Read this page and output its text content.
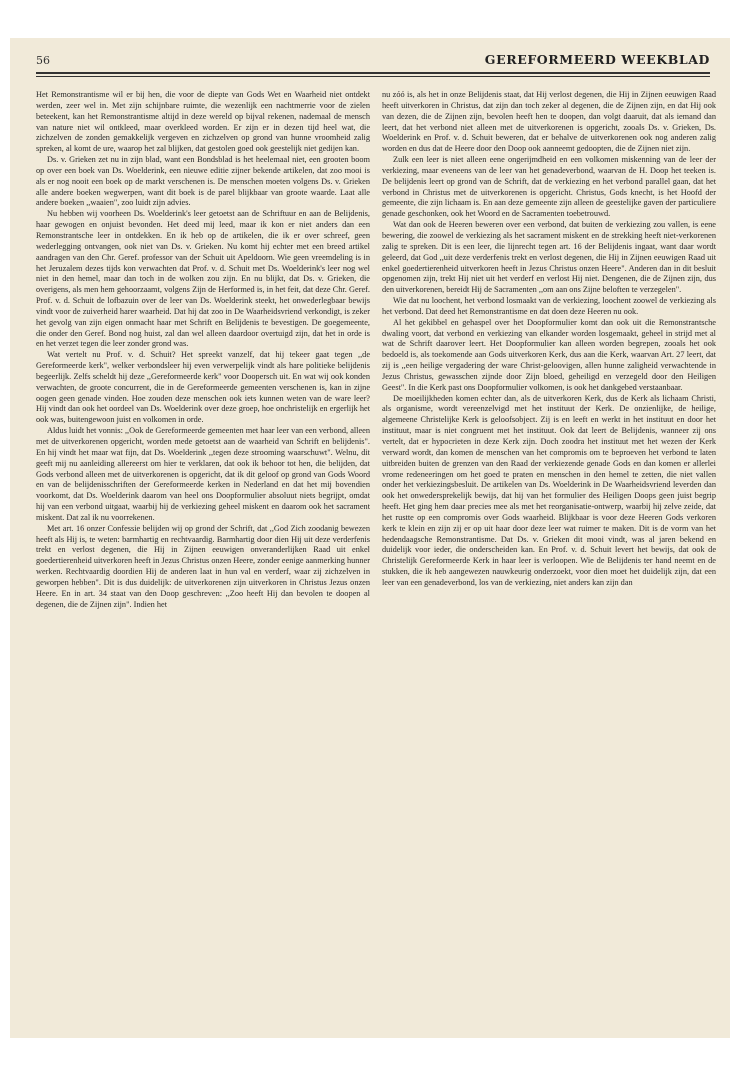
56	GEREFORMEERD WEEKBLAD

Het Remonstrantisme wil er bij hen, die voor de diepte van Gods Wet en Waarheid niet ontdekt werden, zeer wel in. Met zijn schijnbare ruimte, die wezenlijk een nachtmerrie voor de zielen beteekent, kan het Remonstrantisme altijd in deze wereld op bijval rekenen, nademaal de mensch van nature niet wil ontkleed, maar overkleed worden. Er zijn er in dezen tijd heel wat, die zichzelven de zonden gemakkelijk vergeven en zichzelven op grond van hunne vroomheid zalig spreken, al komt de ure, waarop het zal blijken, dat gestolen goed ook geestelijk niet gedijen kan.

Ds. v. Grieken zet nu in zijn blad, want een Bondsblad is het heelemaal niet, een grooten boom op over een boek van Ds. Woelderink, een nieuwe editie zijner bekende artikelen, dat zoo mooi is als er nog nooit een boek op de markt verschenen is. De menschen moeten volgens Ds. v. Grieken alle andere boeken wegwerpen, want dit boek is de parel blijkbaar van groote waarde. Laat alle andere boeken ,,waaien", zoo luidt zijn advies.

Nu hebben wij voorheen Ds. Woelderink's leer getoetst aan de Schriftuur en aan de Belijdenis, haar gewogen en onjuist bevonden. Het deed mij leed, maar ik kon er niet anders dan een Remonstrantsche leer in ontdekken. En ik heb op de artikelen, die ik er over schreef, geen wederlegging ontvangen, ook niet van Ds. v. Grieken. Nu komt hij echter met een breed artikel aandragen van den Chr. Geref. professor van der Schuit uit Apeldoorn. Wie geen vreemdeling is in het Jeruzalem dezes tijds kon verwachten dat Prof. v. d. Schuit met Ds. Woelderink's leer nog wel niet in den hemel, maar dan toch in de wolken zou zijn. En nu blijkt, dat Ds. v. Grieken, die overigens, als men hem gehoorzaamt, volgens Zijn de Herformed is, in het feit, dat deze Chr. Geref. Prof. v. d. Schuit de lofbazuin over de leer van Ds. Woelderink steekt, het onwederlegbaar bewijs vindt voor de zuiverheid harer waarheid. Dat hij dat zoo in De Waarheidsvriend verkondigt, is zeker het gevolg van zijn eigen onmacht haar met Schrift en Belijdenis te bevestigen. De goegemeente, die onder den Geref. Bond nog huist, zal dan wel alleen daardoor overtuigd zijn, dat het in orde is en het verzet tegen die leer zonder grond was.

Wat vertelt nu Prof. v. d. Schuit? Het spreekt vanzelf, dat hij tekeer gaat tegen ,,de Gereformeerde kerk", welker verbondsleer hij even verwerpelijk vindt als hare politieke belijdenis begeerlijk. Zelfs scheldt hij deze ,,Gereformeerde kerk" voor Doopersch uit. En wat wij ook konden verwachten, de groote concurrent, die in de Gereformeerde gemeenten verschenen is, kan in zijne oogen geen genade vinden. Hoe zouden deze menschen ook iets kunnen weten van de ware leer? Hij vindt dan ook het oordeel van Ds. Woelderink over deze groep, hoe onchristelijk en ergerlijk het ook was, buitengewoon juist en volkomen in orde.

Aldus luidt het vonnis: ,,Ook de Gereformeerde gemeenten met haar leer van een verbond, alleen met de uitverkorenen opgericht, worden mede getoetst aan de waarheid van Schrift en belijdenis". En hij vindt het maar wat fijn, dat Ds. Woelderink ,,tegen deze strooming waarschuwt". Welnu, dit geeft mij nu aanleiding allereerst om hier te verklaren, dat ook ik behoor tot hen, die belijden, dat Gods verbond alleen met de uitverkorenen is opgericht, dat ik dit geloof op grond van Gods Woord en van de belijdenisschriften der Gereformeerde kerken in Nederland en dat het mij bovendien voorkomt, dat Ds. Woelderink daarom van heel ons Doopformulier absoluut niets begrijpt, omdat hij van een verbond uitgaat, waarbij hij de verkiezing geheel miskent en daarom ook het sacrament miskent. Dat zal ik nu voorrekenen.

Met art. 16 onzer Confessie belijden wij op grond der Schrift, dat ,,God Zich zoodanig bewezen heeft als Hij is, te weten: barmhartig en rechtvaardig. Barmhartig door dien Hij uit deze verderfenis trekt en verlost degenen, die Hij in Zijnen eeuwigen onveranderlijken Raad uit enkel goedertierenheid uitverkoren heeft in Jezus Christus onzen Heere, zonder eenige aanmerking hunner werken. Rechtvaardig doordien Hij de anderen laat in hun val en verderf, waar zij zichzelven in geworpen hebben". Dit is dus duidelijk: de uitverkorenen zijn uitverkoren in Christus Jezus onzen Heere. En in art. 34 staat van den Doop geschreven: ,,Zoo heeft Hij dan bevolen te doopen al degenen, die de Zijnen zijn". Indien het

nu zóó is, als het in onze Belijdenis staat, dat Hij verlost degenen, die Hij in Zijnen eeuwigen Raad heeft uitverkoren in Christus, dat zijn dan toch zeker al degenen, die de Zijnen zijn, en dat Hij ook van dezen, die de Zijnen zijn, bevolen heeft hen te doopen, dan volgt daaruit, dat als iemand dan leert, dat het verbond niet alleen met de uitverkorenen is opgericht, zooals Ds. v. Grieken, Ds. Woelderink en Prof. v. d. Schuit beweren, dat er behalve de uitverkorenen ook nog anderen zalig worden en dus dat de Heere door den Doop ook aanneemt gedoopten, die de Zijnen niet zijn.

Zulk een leer is niet alleen eene ongerijmdheid en een volkomen miskenning van de leer der verkiezing, maar eveneens van de leer van het genadeverbond, waarvan de H. Doop het teeken is. De belijdenis leert op grond van de Schrift, dat de verkiezing en het verbond parallel gaan, dat het verbond in Christus met de uitverkorenen is opgericht. Christus, Gods knecht, is het Hoofd der gemeente, die zijn lichaam is. En aan deze gemeente zijn alleen de geestelijke gaven der particuliere genade geschonken, ook het Woord en de Sacramenten toebetrouwd.

Wat dan ook de Heeren beweren over een verbond, dat buiten de verkiezing zou vallen, is eene bewering, die zoowel de verkiezing als het sacrament miskent en de strekking heeft niet-verkorenen zalig te spreken. Dit is een leer, die lijnrecht tegen art. 16 der Belijdenis ingaat, want daar wordt geleerd, dat God ,,uit deze verderfenis trekt en verlost degenen, die Hij in Zijnen eeuwigen Raad uit enkel goedertierenheid uitverkoren heeft in Jezus Christus onzen Heere". Anderen dan in dit besluit opgenomen zijn, trekt Hij niet uit het verderf en verlost Hij niet. Dengenen, die de Zijnen zijn, dus den uitverkorenen, bereidt Hij de Sacramenten ,,om aan ons Zijne beloften te verzegelen".

Wie dat nu loochent, het verbond losmaakt van de verkiezing, loochent zoowel de verkiezing als het verbond. Dat deed het Remonstrantisme en dat doen deze Heeren nu ook.

Al het gekibbel en gehaspel over het Doopformulier komt dan ook uit die Remonstrantsche dwaling voort, dat verbond en verkiezing van elkander worden losgemaakt, geheel in strijd met al wat de Schrift daarover leert. Het Doopformulier kan alleen worden begrepen, zooals het ook bedoeld is, als toekomende aan Gods uitverkoren Kerk, dus aan die Kerk, waarvan Art. 27 leert, dat zij is ,,een heilige vergadering der ware Christ-geloovigen, allen hunne zaligheid verwachtende in Jezus Christus, gewasschen zijnde door Zijn bloed, geheiligd en verzegeld door den Heiligen Geest". In die Kerk past ons Doopformulier volkomen, is ook het dankgebed verstaanbaar.

De moeilijkheden komen echter dan, als de uitverkoren Kerk, dus de Kerk als lichaam Christi, als organisme, wordt vereenzelvigd met het instituut der Kerk. De onzienlijke, de heilige, algemeene Christelijke Kerk is geloofsobject. Zij is en leeft en werkt in het instituut en door het instituut, maar is niet congruent met het instituut. Ook dat leert de Belijdenis, wanneer zij ons vertelt, dat er hypocrieten in deze Kerk zijn. Doch zoodra het instituut met het wezen der Kerk verward wordt, dan komen de menschen van het compromis om te beproeven het verbond te laten uitbreiden buiten de grenzen van den Raad der verkiezende genade Gods en dan komen er allerlei vrome redeneeringen om het goed te praten en menschen in den hemel te zetten, die niet vallen onder het verkiezingsbesluit. De artikelen van Ds. Woelderink in De Waarheidsvriend leverden dan ook het onwedersprekelijk bewijs, dat hij van het formulier des Heiligen Doops geen juist begrip heeft. Het ging hem daar precies mee als met het reorganisatie-ontwerp, waarbij hij zelve zeide, dat het rustte op een compromis over Gods waarheid. Blijkbaar is voor deze Heeren Gods verkoren kerk te klein en zijn zij er op uit haar door deze leer wat ruimer te maken. Dit is de vorm van het hedendaagsche Remonstrantisme. Dat Ds. v. Grieken dit mooi vindt, was al jaren bekend en duidelijk voor ieder, die onderscheiden kan. En Prof. v. d. Schuit levert het bewijs, dat ook de Christelijk Gereformeerde Kerk in haar leer is verloopen. Wie de Belijdenis ter hand neemt en de stukken, die ik heb aangewezen nauwkeurig onderzoekt, voor dien moet het duidelijk zijn, dat een leer van een genadeverbond, los van de verkiezing, niet anders kan zijn dan
